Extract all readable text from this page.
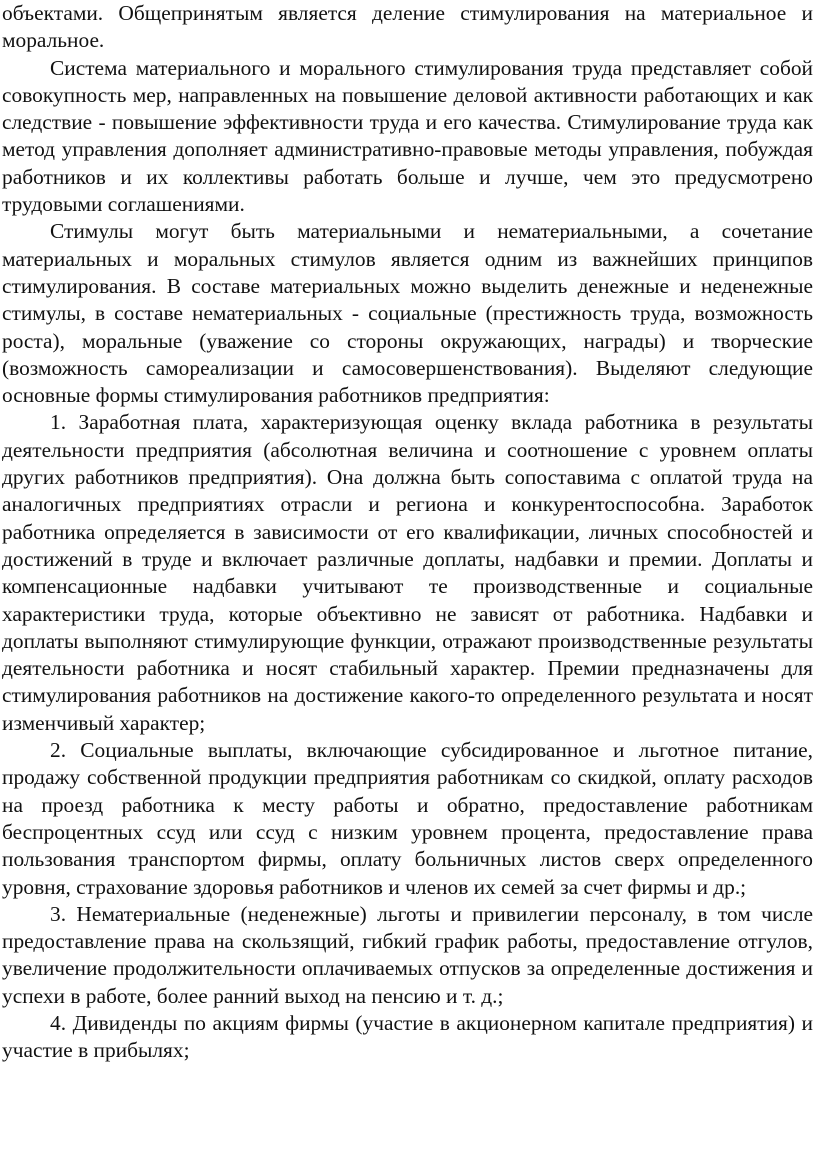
объектами. Общепринятым является деление стимулирования на материальное и моральное.

Система материального и морального стимулирования труда представляет собой совокупность мер, направленных на повышение деловой активности работающих и как следствие - повышение эффективности труда и его качества. Стимулирование труда как метод управления дополняет административно-правовые методы управления, побуждая работников и их коллективы работать больше и лучше, чем это предусмотрено трудовыми соглашениями.

Стимулы могут быть материальными и нематериальными, а сочетание материальных и моральных стимулов является одним из важнейших принципов стимулирования. В составе материальных можно выделить денежные и неденежные стимулы, в составе нематериальных - социальные (престижность труда, возможность роста), моральные (уважение со стороны окружающих, награды) и творческие (возможность самореализации и самосовершенствования). Выделяют следующие основные формы стимулирования работников предприятия:

1. Заработная плата, характеризующая оценку вклада работника в результаты деятельности предприятия (абсолютная величина и соотношение с уровнем оплаты других работников предприятия). Она должна быть сопоставима с оплатой труда на аналогичных предприятиях отрасли и региона и конкурентоспособна. Заработок работника определяется в зависимости от его квалификации, личных способностей и достижений в труде и включает различные доплаты, надбавки и премии. Доплаты и компенсационные надбавки учитывают те производственные и социальные характеристики труда, которые объективно не зависят от работника. Надбавки и доплаты выполняют стимулирующие функции, отражают производственные результаты деятельности работника и носят стабильный характер. Премии предназначены для стимулирования работников на достижение какого-то определенного результата и носят изменчивый характер;

2. Социальные выплаты, включающие субсидированное и льготное питание, продажу собственной продукции предприятия работникам со скидкой, оплату расходов на проезд работника к месту работы и обратно, предоставление работникам беспроцентных ссуд или ссуд с низким уровнем процента, предоставление права пользования транспортом фирмы, оплату больничных листов сверх определенного уровня, страхование здоровья работников и членов их семей за счет фирмы и др.;

3. Нематериальные (неденежные) льготы и привилегии персоналу, в том числе предоставление права на скользящий, гибкий график работы, предоставление отгулов, увеличение продолжительности оплачиваемых отпусков за определенные достижения и успехи в работе, более ранний выход на пенсию и т. д.;

4. Дивиденды по акциям фирмы (участие в акционерном капитале предприятия) и участие в прибылях;
